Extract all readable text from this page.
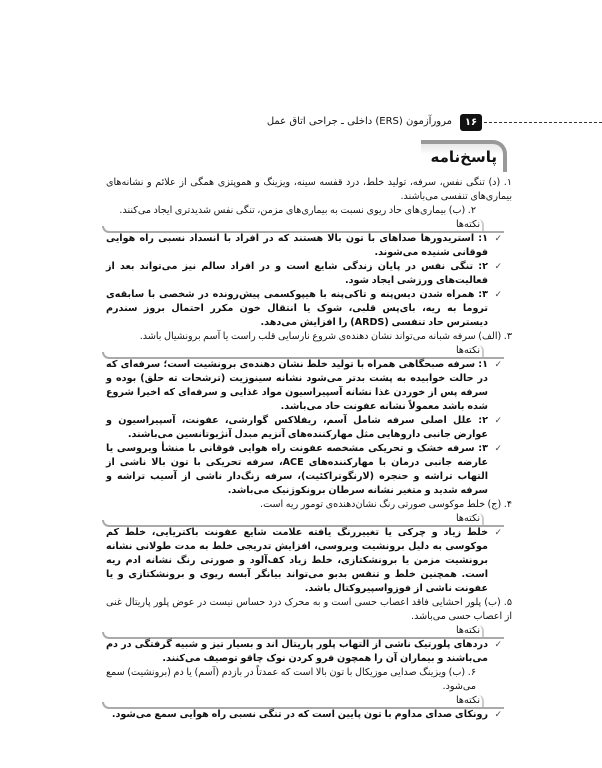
۱۶
مرورآزمون (ERS) داخلی ـ جراحی اتاق عمل
پاسخ‌نامه
۱. (د) تنگی نفس، سرفه، تولید خلط، درد قفسه سینه، ویزینگ و هموپتزی همگی از علائم و نشانه‌های بیماری‌های تنفسی می‌باشند.
۲. (ب) بیماری‌های حاد ریوی نسبت به بیماری‌های مزمن، تنگی نفس شدیدتری ایجاد می‌کنند.
نکته‌ها
✓
۱: استریدورها صداهای با تون بالا هستند که در افراد با انسداد نسبی راه هوایی فوقانی شنیده می‌شوند.
✓
۲: تنگی نفس در پایان زندگی شایع است و در افراد سالم نیز می‌تواند بعد از فعالیت‌های ورزشی ایجاد شود.
✓
۳: همراه شدن دیس‌پنه و تاکی‌پنه با هیپوکسمی پیش‌رونده در شخصی با سابقه‌ی تروما به ریه، بای‌پس قلبی، شوک یا انتقال خون مکرر احتمال بروز سندرم دیسترس حاد تنفسی (ARDS) را افزایش می‌دهد.
۳. (الف) سرفه شبانه می‌تواند نشان دهنده‌ی شروع نارسایی قلب راست یا آسم برونشیال باشد.
نکته‌ها
✓
۱: سرفه صبحگاهی همراه با تولید خلط نشان دهنده‌ی برونشیت است؛ سرفه‌ای که در حالت خوابیده به پشت بدتر می‌شود نشانه سینوزیت (ترشحات ته حلق) بوده و سرفه پس از خوردن غذا نشانه آسپیراسیون مواد غذایی و سرفه‌ای که اخیرا شروع شده باشد معمولاً نشانه عفونت حاد می‌باشد.
✓
۲: علل اصلی سرفه شامل آسم، ریفلاکس گوارشی، عفونت، آسپیراسیون و عوارض جانبی داروهایی مثل مهارکننده‌های آنزیم مبدل آنژیوتانسین می‌باشند.
✓
۳: سرفه خشک و تحریکی مشخصه عفونت راه هوایی فوقانی با منشأ ویروسی یا عارضه جانبی درمان با مهارکننده‌های ACE، سرفه تحریکی با تون بالا ناشی از التهاب تراشه و حنجره (لارنگوتراکئیت)، سرفه زنگ‌دار ناشی از آسیب تراشه و سرفه شدید و متغیر نشانه سرطان برونکوژنیک می‌باشد.
۴. (ج) خلط موکوسی صورتی رنگ نشان‌دهنده‌ی تومور ریه است.
نکته‌ها
✓
خلط زیاد و چرکی یا تغییررنگ یافته علامت شایع عفونت باکتریایی، خلط کم موکوسی به دلیل برونشیت ویروسی، افزایش تدریجی خلط به مدت طولانی نشانه برونشیت مزمن یا برونشکتازی، خلط زیاد کف‌آلود و صورتی رنگ نشانه ادم ریه است. همچنین خلط و تنفس بدبو می‌تواند بیانگر آبسه ریوی و برونشکتازی و یا عفونت ناشی از فوزواسپیروکتال باشد.
۵. (ب) پلور احشایی فاقد اعصاب حسی است و به محرک درد حساس نیست در عوض پلور پاریتال غنی از اعصاب حسی می‌باشد.
نکته‌ها
✓
دردهای پلورتیک ناشی از التهاب پلور پاریتال اند و بسیار تیز و شبیه گرفتگی در دم می‌باشند و بیماران آن را همچون فرو کردن نوک چاقو توصیف می‌کنند.
۶. (ب) ویزینگ صدایی موزیکال با تون بالا است که عمدتاً در بازدم (آسم) یا دم (برونشیت) سمع می‌شود.
نکته‌ها
✓
رونکای صدای مداوم با تون پایین است که در تنگی نسبی راه هوایی سمع می‌شود.
